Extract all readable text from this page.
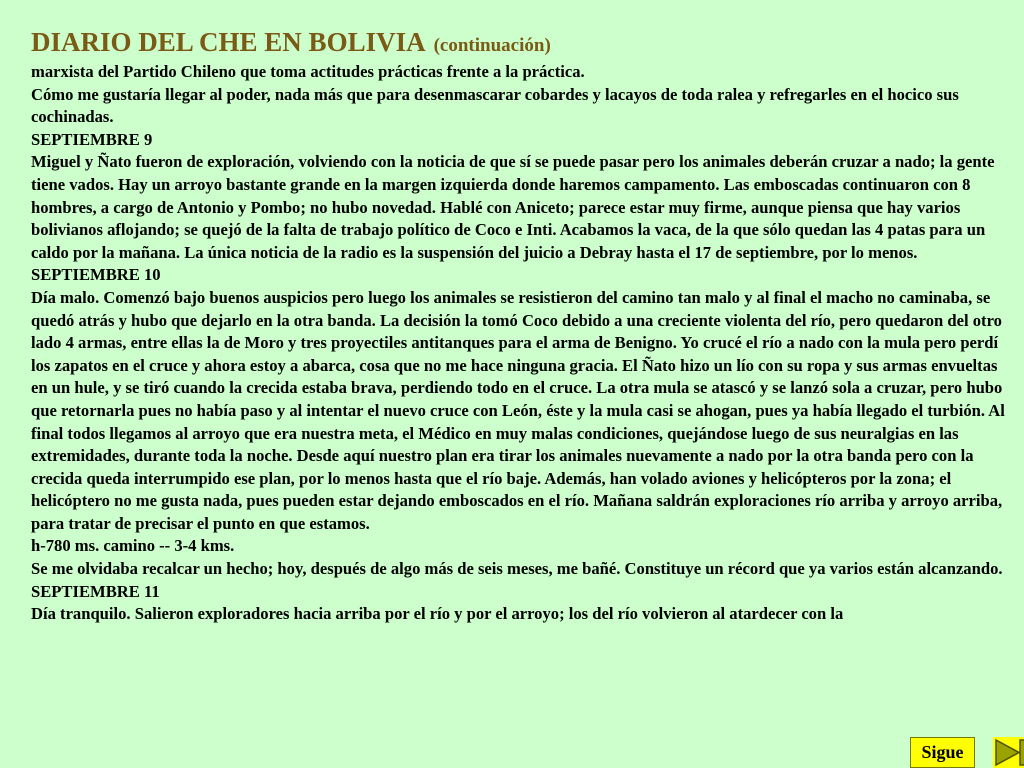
DIARIO DEL CHE EN BOLIVIA (continuación)

marxista del Partido Chileno que toma actitudes prácticas frente a la práctica.

Cómo me gustaría llegar al poder, nada más que para desenmascarar cobardes y lacayos de toda ralea y refregarles en el hocico sus cochinadas.

SEPTIEMBRE 9

Miguel y Ñato fueron de exploración, volviendo con la noticia de que sí se puede pasar pero los animales deberán cruzar a nado; la gente tiene vados. Hay un arroyo bastante grande en la margen izquierda donde haremos campamento. Las emboscadas continuaron con 8 hombres, a cargo de Antonio y Pombo; no hubo novedad. Hablé con Aniceto; parece estar muy firme, aunque piensa que hay varios bolivianos aflojando; se quejó de la falta de trabajo político de Coco e Inti. Acabamos la vaca, de la que sólo quedan las 4 patas para un caldo por la mañana. La única noticia de la radio es la suspensión del juicio a Debray hasta el 17 de septiembre, por lo menos.

SEPTIEMBRE 10

Día malo. Comenzó bajo buenos auspicios pero luego los animales se resistieron del camino tan malo y al final el macho no caminaba, se quedó atrás y hubo que dejarlo en la otra banda. La decisión la tomó Coco debido a una creciente violenta del río, pero quedaron del otro lado 4 armas, entre ellas la de Moro y tres proyectiles antitanques para el arma de Benigno. Yo crucé el río a nado con la mula pero perdí los zapatos en el cruce y ahora estoy a abarca, cosa que no me hace ninguna gracia. El Ñato hizo un lío con su ropa y sus armas envueltas en un hule, y se tiró cuando la crecida estaba brava, perdiendo todo en el cruce. La otra mula se atascó y se lanzó sola a cruzar, pero hubo que retornarla pues no había paso y al intentar el nuevo cruce con León, éste y la mula casi se ahogan, pues ya había llegado el turbión. Al final todos llegamos al arroyo que era nuestra meta, el Médico en muy malas condiciones, quejándose luego de sus neuralgias en las extremidades, durante toda la noche. Desde aquí nuestro plan era tirar los animales nuevamente a nado por la otra banda pero con la crecida queda interrumpido ese plan, por lo menos hasta que el río baje. Además, han volado aviones y helicópteros por la zona; el helicóptero no me gusta nada, pues pueden estar dejando emboscados en el río. Mañana saldrán exploraciones río arriba y arroyo arriba, para tratar de precisar el punto en que estamos.

h-780 ms. camino -- 3-4 kms.

Se me olvidaba recalcar un hecho; hoy, después de algo más de seis meses, me bañé. Constituye un récord que ya varios están alcanzando.

SEPTIEMBRE 11

Día tranquilo. Salieron exploradores hacia arriba por el río y por el arroyo; los del río volvieron al atardecer con la

Sigue
